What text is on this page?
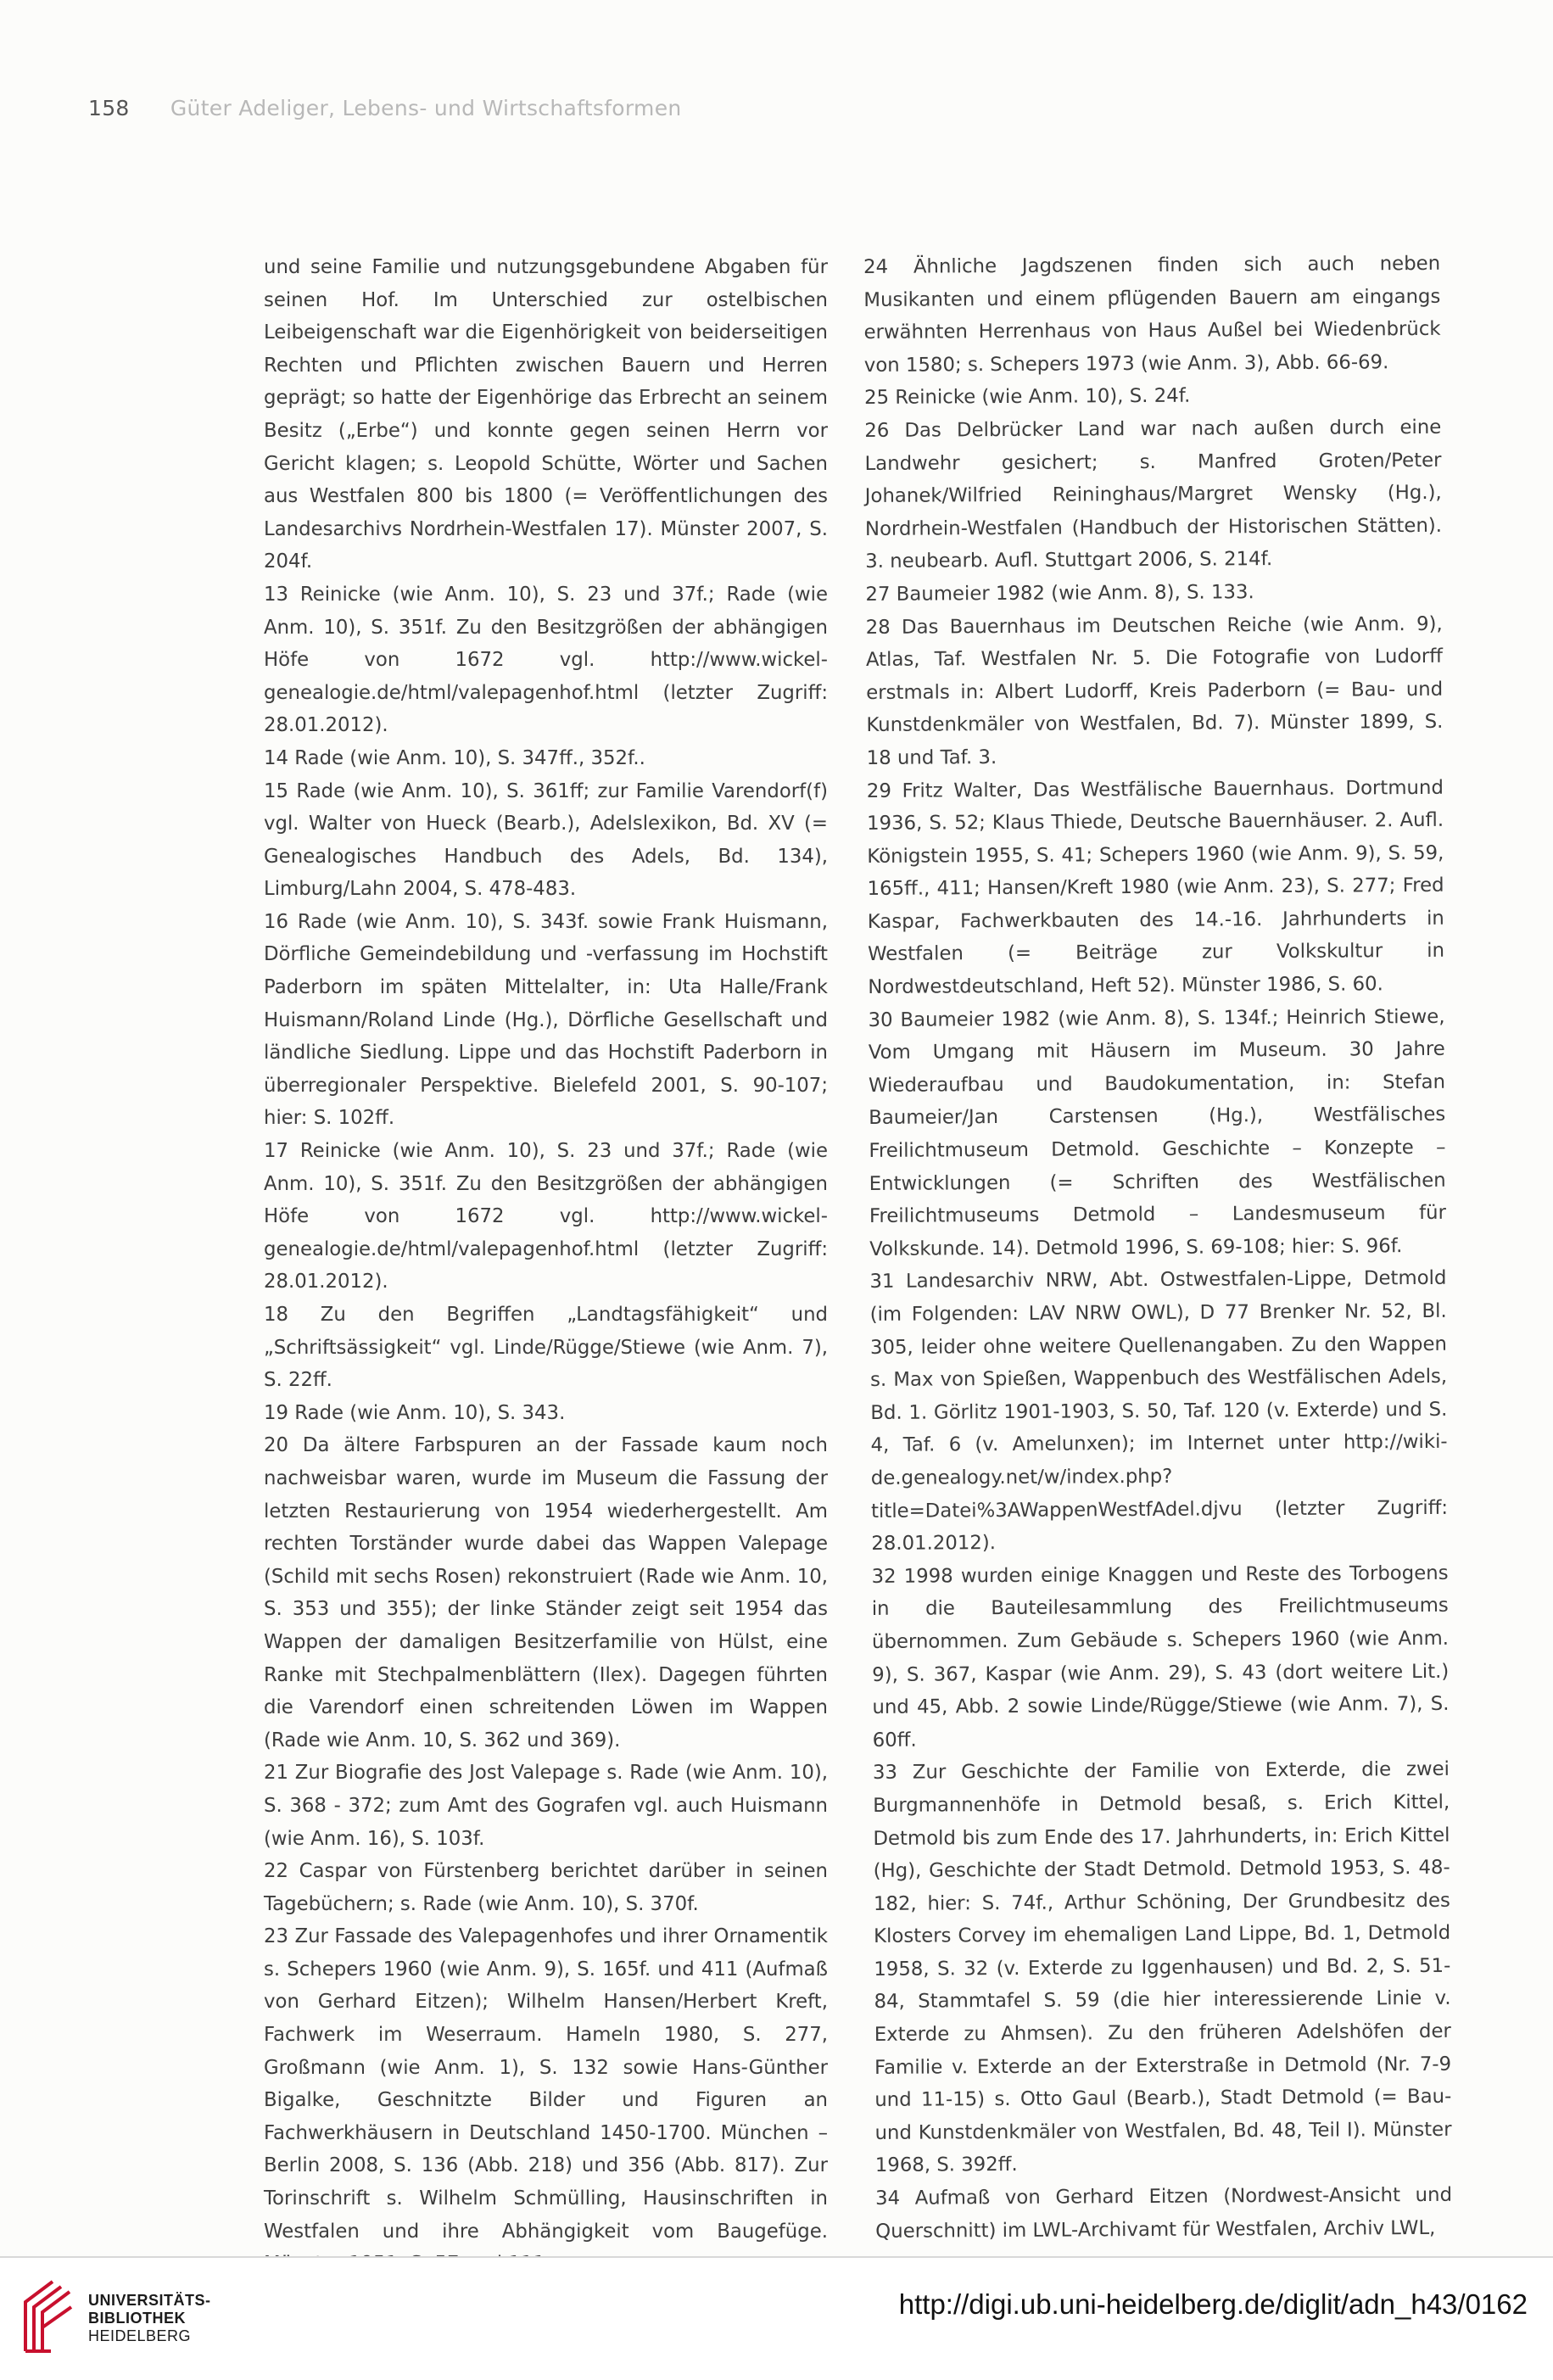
158 Güter Adeliger, Lebens- und Wirtschaftsformen

und seine Familie und nutzungsgebundene Abgaben für seinen Hof. Im Unterschied zur ostelbischen Leibeigenschaft war die Eigenhörigkeit von beiderseitigen Rechten und Pflichten zwischen Bauern und Herren geprägt; so hatte der Eigenhörige das Erbrecht an seinem Besitz („Erbe“) und konnte gegen seinen Herrn vor Gericht klagen; s. Leopold Schütte, Wörter und Sachen aus Westfalen 800 bis 1800 (= Veröffentlichungen des Landesarchivs Nordrhein-Westfalen 17). Münster 2007, S. 204f.

13 Reinicke (wie Anm. 10), S. 23 und 37f.; Rade (wie Anm. 10), S. 351f. Zu den Besitzgrößen der abhängigen Höfe von 1672 vgl. http://www.wickel-genealogie.de/html/valepagenhof.html (letzter Zugriff: 28.01.2012).

14 Rade (wie Anm. 10), S. 347ff., 352f..

15 Rade (wie Anm. 10), S. 361ff; zur Familie Varendorf(f) vgl. Walter von Hueck (Bearb.), Adelslexikon, Bd. XV (= Genealogisches Handbuch des Adels, Bd. 134), Limburg/Lahn 2004, S. 478-483.

16 Rade (wie Anm. 10), S. 343f. sowie Frank Huismann, Dörfliche Gemeindebildung und -verfassung im Hochstift Paderborn im späten Mittelalter, in: Uta Halle/Frank Huismann/Roland Linde (Hg.), Dörfliche Gesellschaft und ländliche Siedlung. Lippe und das Hochstift Paderborn in überregionaler Perspektive. Bielefeld 2001, S. 90-107; hier: S. 102ff.

17 Reinicke (wie Anm. 10), S. 23 und 37f.; Rade (wie Anm. 10), S. 351f. Zu den Besitzgrößen der abhängigen Höfe von 1672 vgl. http://www.wickel-genealogie.de/html/valepagenhof.html (letzter Zugriff: 28.01.2012).

18 Zu den Begriffen „Landtagsfähigkeit“ und „Schriftsässigkeit“ vgl. Linde/Rügge/Stiewe (wie Anm. 7), S. 22ff.

19 Rade (wie Anm. 10), S. 343.

20 Da ältere Farbspuren an der Fassade kaum noch nachweisbar waren, wurde im Museum die Fassung der letzten Restaurierung von 1954 wiederhergestellt. Am rechten Torständer wurde dabei das Wappen Valepage (Schild mit sechs Rosen) rekonstruiert (Rade wie Anm. 10, S. 353 und 355); der linke Ständer zeigt seit 1954 das Wappen der damaligen Besitzerfamilie von Hülst, eine Ranke mit Stechpalmenblättern (Ilex). Dagegen führten die Varendorf einen schreitenden Löwen im Wappen (Rade wie Anm. 10, S. 362 und 369).

21 Zur Biografie des Jost Valepage s. Rade (wie Anm. 10), S. 368 - 372; zum Amt des Gografen vgl. auch Huismann (wie Anm. 16), S. 103f.

22 Caspar von Fürstenberg berichtet darüber in seinen Tagebüchern; s. Rade (wie Anm. 10), S. 370f.

23 Zur Fassade des Valepagenhofes und ihrer Ornamentik s. Schepers 1960 (wie Anm. 9), S. 165f. und 411 (Aufmaß von Gerhard Eitzen); Wilhelm Hansen/Herbert Kreft, Fachwerk im Weserraum. Hameln 1980, S. 277, Großmann (wie Anm. 1), S. 132 sowie Hans-Günther Bigalke, Geschnitzte Bilder und Figuren an Fachwerkhäusern in Deutschland 1450-1700. München – Berlin 2008, S. 136 (Abb. 218) und 356 (Abb. 817). Zur Torinschrift s. Wilhelm Schmülling, Hausinschriften in Westfalen und ihre Abhängigkeit vom Baugefüge.

24 Ähnliche Jagdszenen finden sich auch neben Musikanten und einem pflügenden Bauern am eingangs erwähnten Herrenhaus von Haus Außel bei Wiedenbrück von 1580; s. Schepers 1973 (wie Anm. 3), Abb. 66-69.

25 Reinicke (wie Anm. 10), S. 24f.

26 Das Delbrücker Land war nach außen durch eine Landwehr gesichert; s. Manfred Groten/Peter Johanek/Wilfried Reininghaus/Margret Wensky (Hg.), Nordrhein-Westfalen (Handbuch der Historischen Stätten). 3. neubearb. Aufl. Stuttgart 2006, S. 214f.

27 Baumeier 1982 (wie Anm. 8), S. 133.

28 Das Bauernhaus im Deutschen Reiche (wie Anm. 9), Atlas, Taf. Westfalen Nr. 5. Die Fotografie von Ludorff erstmals in: Albert Ludorff, Kreis Paderborn (= Bau- und Kunstdenkmäler von Westfalen, Bd. 7). Münster 1899, S. 18 und Taf. 3.

29 Fritz Walter, Das Westfälische Bauernhaus. Dortmund 1936, S. 52; Klaus Thiede, Deutsche Bauernhäuser. 2. Aufl. Königstein 1955, S. 41; Schepers 1960 (wie Anm. 9), S. 59, 165ff., 411; Hansen/Kreft 1980 (wie Anm. 23), S. 277; Fred Kaspar, Fachwerkbauten des 14.-16. Jahrhunderts in Westfalen (= Beiträge zur Volkskultur in Nordwestdeutschland, Heft 52). Münster 1986, S. 60.

30 Baumeier 1982 (wie Anm. 8), S. 134f.; Heinrich Stiewe, Vom Umgang mit Häusern im Museum. 30 Jahre Wiederaufbau und Baudokumentation, in: Stefan Baumeier/Jan Carstensen (Hg.), Westfälisches Freilichtmuseum Detmold. Geschichte – Konzepte – Entwicklungen (= Schriften des Westfälischen Freilichtmuseums Detmold – Landesmuseum für Volkskunde. 14). Detmold 1996, S. 69-108; hier: S. 96f.

31 Landesarchiv NRW, Abt. Ostwestfalen-Lippe, Detmold (im Folgenden: LAV NRW OWL), D 77 Brenker Nr. 52, Bl. 305, leider ohne weitere Quellenangaben. Zu den Wappen s. Max von Spießen, Wappenbuch des Westfälischen Adels, Bd. 1. Görlitz 1901-1903, S. 50, Taf. 120 (v. Exterde) und S. 4, Taf. 6 (v. Amelunxen); im Internet unter http://wiki-de.genealogy.net/w/index.php?title=Datei%3AWappenWestfAdel.djvu (letzter Zugriff: 28.01.2012).

32 1998 wurden einige Knaggen und Reste des Torbogens in die Bauteilesammlung des Freilichtmuseums übernommen. Zum Gebäude s. Schepers 1960 (wie Anm. 9), S. 367, Kaspar (wie Anm. 29), S. 43 (dort weitere Lit.) und 45, Abb. 2 sowie Linde/Rügge/Stiewe (wie Anm. 7), S. 60ff.

33 Zur Geschichte der Familie von Exterde, die zwei Burgmannenhöfe in Detmold besaß, s. Erich Kittel, Detmold bis zum Ende des 17. Jahrhunderts, in: Erich Kittel (Hg), Geschichte der Stadt Detmold. Detmold 1953, S. 48-182, hier: S. 74f., Arthur Schöning, Der Grundbesitz des Klosters Corvey im ehemaligen Land Lippe, Bd. 1, Detmold 1958, S. 32 (v. Exterde zu Iggenhausen) und Bd. 2, S. 51-84, Stammtafel S. 59 (die hier interessierende Linie v. Exterde zu Ahmsen). Zu den früheren Adelshöfen der Familie v. Exterde an der Exterstraße in Detmold (Nr. 7-9 und 11-15) s. Otto Gaul (Bearb.), Stadt Detmold (= Bau- und Kunstdenkmäler von Westfalen, Bd. 48, Teil I). Münster 1968, S. 392ff.

34 Aufmaß von Gerhard Eitzen (Nordwest-Ansicht und Querschnitt) im LWL-Archivamt für Westfalen, Archiv LWL,

UNIVERSITÄTS-
BIBLIOTHEK
HEIDELBERG
http://digi.ub.uni-heidelberg.de/diglit/adn_h43/0162
